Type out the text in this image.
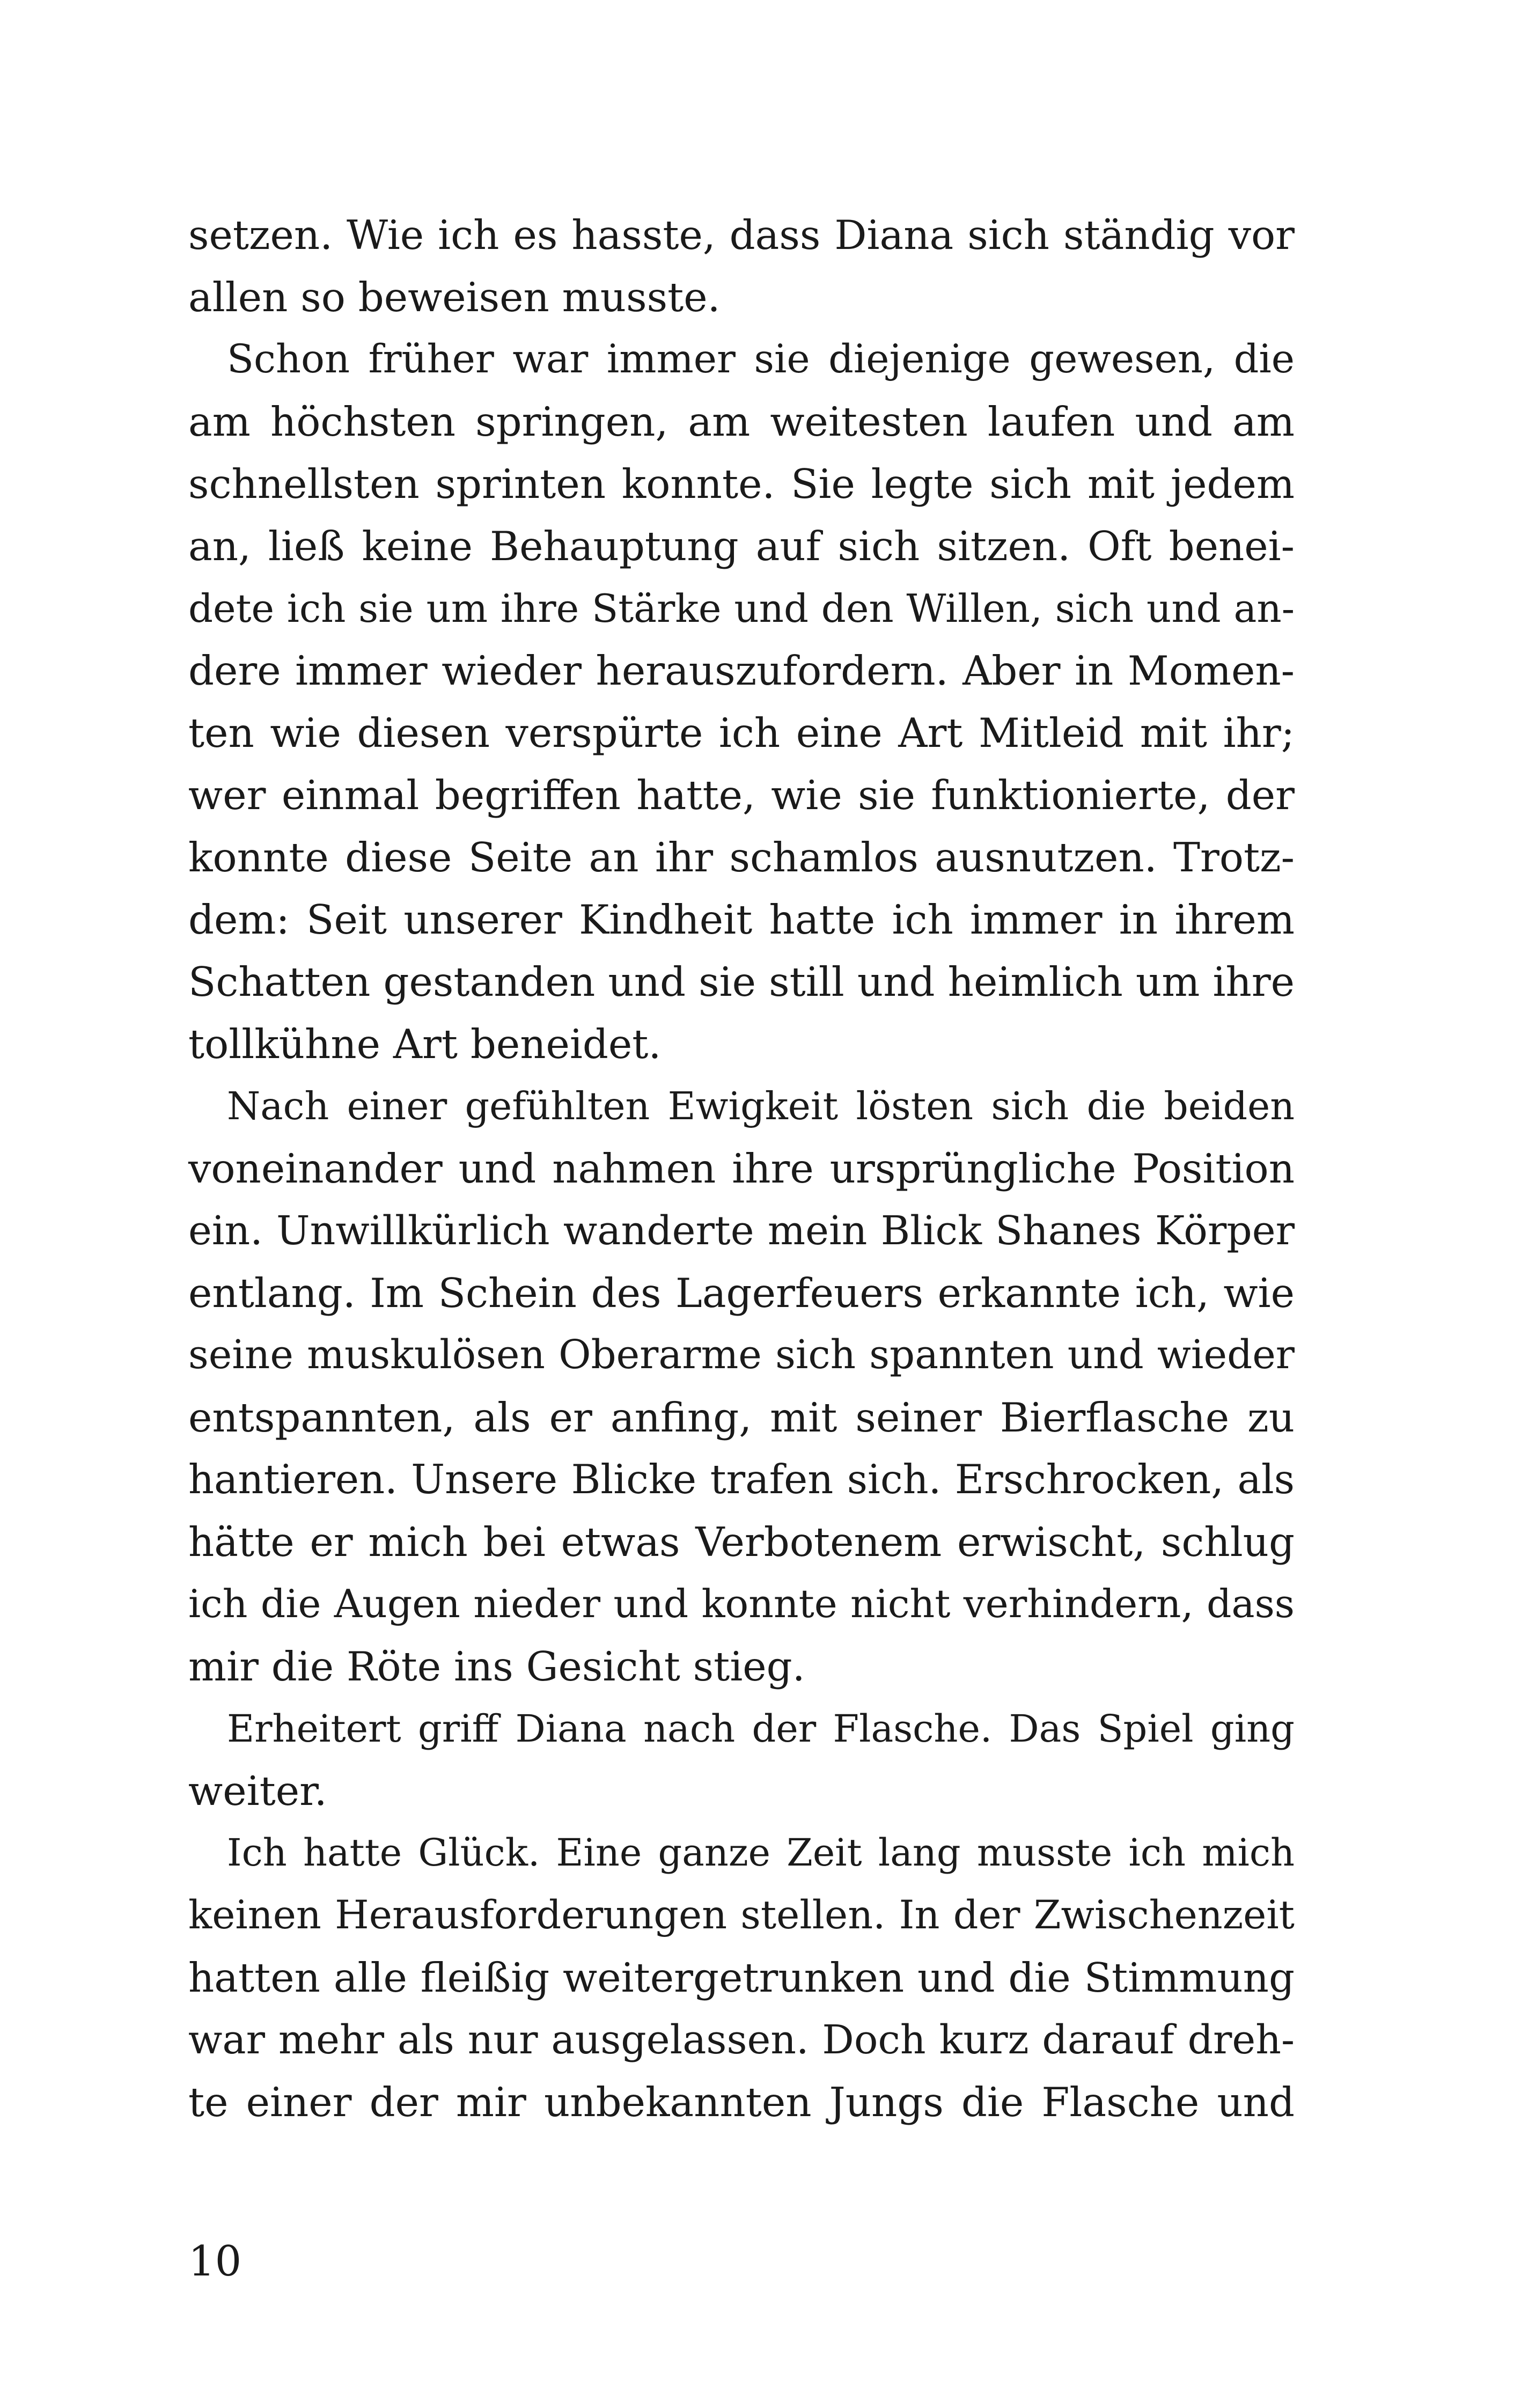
setzen. Wie ich es hasste, dass Diana sich ständig vor
allen so beweisen musste.
Schon früher war immer sie diejenige gewesen, die
am höchsten springen, am weitesten laufen und am
schnellsten sprinten konnte. Sie legte sich mit jedem
an, ließ keine Behauptung auf sich sitzen. Oft benei-
dete ich sie um ihre Stärke und den Willen, sich und an-
dere immer wieder herauszufordern. Aber in Momen-
ten wie diesen verspürte ich eine Art Mitleid mit ihr;
wer einmal begriffen hatte, wie sie funktionierte, der
konnte diese Seite an ihr schamlos ausnutzen. Trotz-
dem: Seit unserer Kindheit hatte ich immer in ihrem
Schatten gestanden und sie still und heimlich um ihre
tollkühne Art beneidet.
Nach einer gefühlten Ewigkeit lösten sich die beiden
voneinander und nahmen ihre ursprüngliche Position
ein. Unwillkürlich wanderte mein Blick Shanes Körper
entlang. Im Schein des Lagerfeuers erkannte ich, wie
seine muskulösen Oberarme sich spannten und wieder
entspannten, als er anfing, mit seiner Bierflasche zu
hantieren. Unsere Blicke trafen sich. Erschrocken, als
hätte er mich bei etwas Verbotenem erwischt, schlug
ich die Augen nieder und konnte nicht verhindern, dass
mir die Röte ins Gesicht stieg.
Erheitert griff Diana nach der Flasche. Das Spiel ging
weiter.
Ich hatte Glück. Eine ganze Zeit lang musste ich mich
keinen Herausforderungen stellen. In der Zwischenzeit
hatten alle fleißig weitergetrunken und die Stimmung
war mehr als nur ausgelassen. Doch kurz darauf dreh-
te einer der mir unbekannten Jungs die Flasche und
10
